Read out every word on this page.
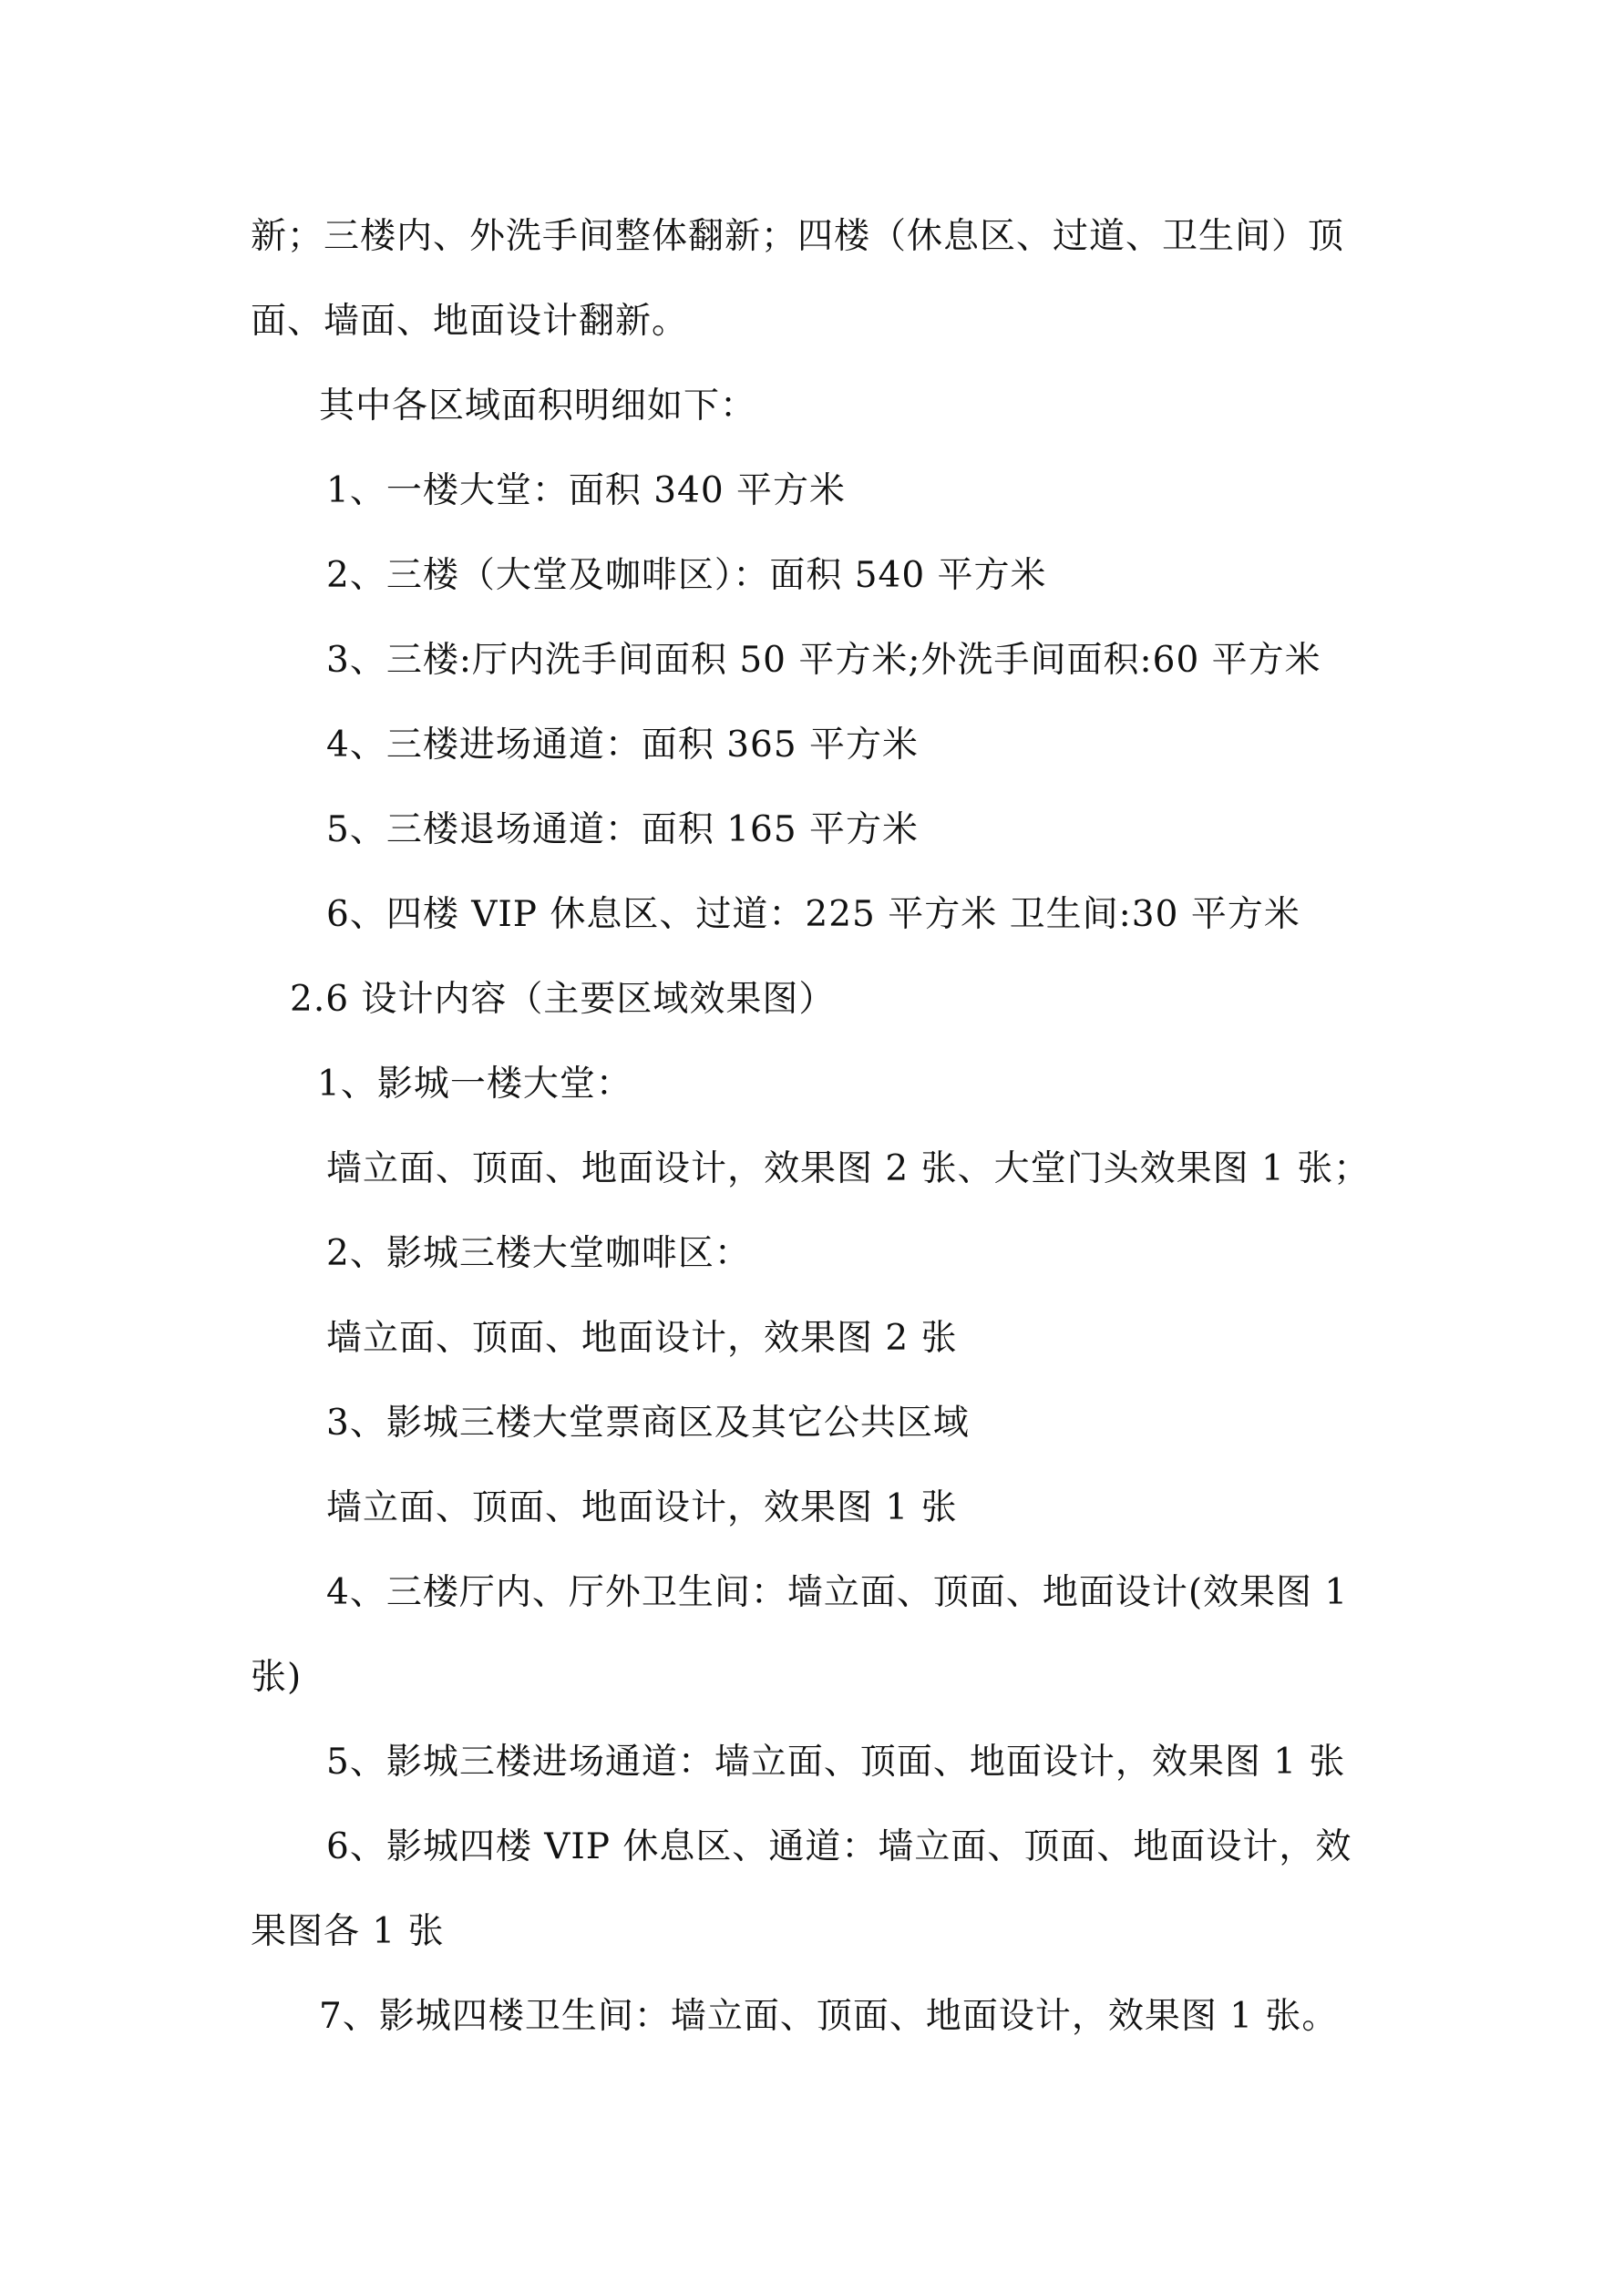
新；三楼内、外洗手间整体翻新；四楼（休息区、过道、卫生间）顶
面、墙面、地面设计翻新。
其中各区域面积明细如下：
1、一楼大堂：面积 340 平方米
2、三楼（大堂及咖啡区）：面积 540 平方米
3、三楼:厅内洗手间面积 50 平方米;外洗手间面积:60 平方米
4、三楼进场通道：面积 365 平方米
5、三楼退场通道：面积 165 平方米
6、四楼 VIP 休息区、过道：225 平方米 卫生间:30 平方米
2.6 设计内容（主要区域效果图）
1、影城一楼大堂：
墙立面、顶面、地面设计，效果图 2 张、大堂门头效果图 1 张；
2、影城三楼大堂咖啡区：
墙立面、顶面、地面设计，效果图 2 张
3、影城三楼大堂票商区及其它公共区域
墙立面、顶面、地面设计，效果图 1 张
4、三楼厅内、厅外卫生间：墙立面、顶面、地面设计(效果图 1
张)
5、影城三楼进场通道：墙立面、顶面、地面设计，效果图 1 张
6、影城四楼 VIP 休息区、通道：墙立面、顶面、地面设计，效
果图各 1 张
7、影城四楼卫生间：墙立面、顶面、地面设计，效果图 1 张。
